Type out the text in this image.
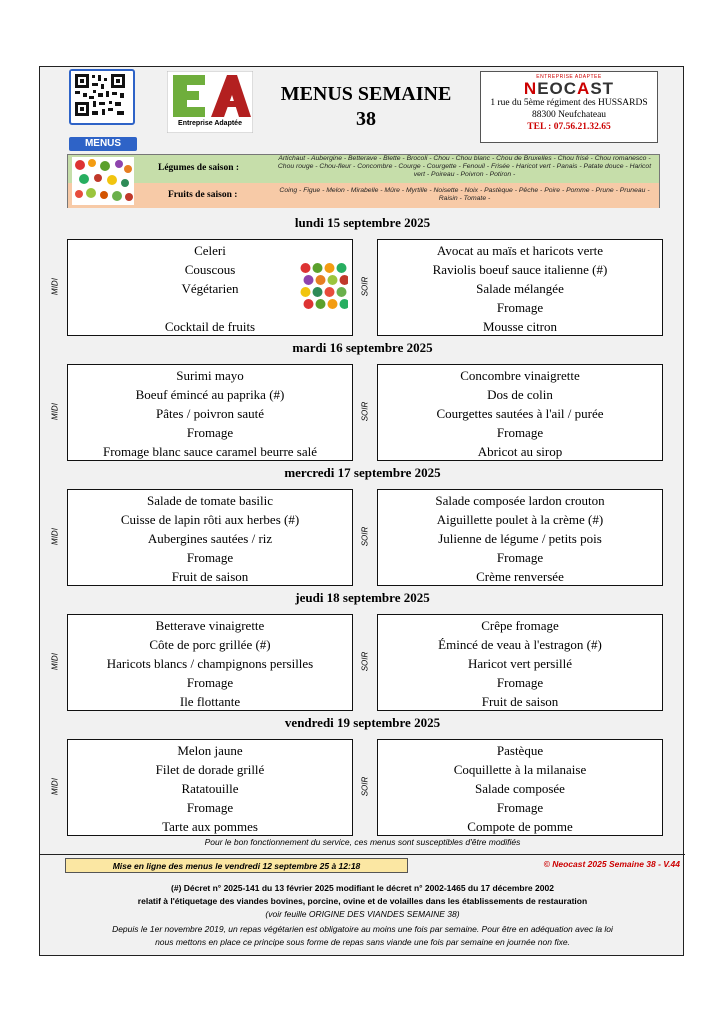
MENUS
Entreprise Adaptée
MENUS SEMAINE
38
ENTREPRISE ADAPTEE
NEOCAST
1 rue du 5ème régiment des HUSSARDS
88300 Neufchateau
TEL : 07.56.21.32.65
Légumes de saison :
Artichaut - Aubergine - Betterave - Blette - Brocoli - Chou - Chou blanc - Chou de Bruxelles - Chou frisé - Chou romanesco - Chou rouge - Chou-fleur - Concombre - Courge - Courgette - Fenouil - Frisée - Haricot vert - Panais - Patate douce - Haricot vert - Poireau - Poivron - Potiron -
Fruits de saison :	Coing - Figue - Melon - Mirabelle - Mûre - Myrtille - Noisette - Noix - Pastèque - Pêche - Poire - Pomme - Prune - Pruneau - Raisin - Tomate -
lundi 15 septembre 2025
Celeri
Couscous
Végétarien
Cocktail de fruits
MIDI
Avocat au maïs et haricots verte
Raviolis boeuf sauce italienne (#)
Salade mélangée
Fromage
Mousse citron
SOIR
mardi 16 septembre 2025
Surimi mayo
Boeuf émincé au paprika (#)
Pâtes / poivron sauté
Fromage
Fromage blanc sauce caramel beurre salé
MIDI
Concombre vinaigrette
Dos de colin
Courgettes sautées à l'ail / purée
Fromage
Abricot au sirop
SOIR
mercredi 17 septembre 2025
Salade de tomate basilic
Cuisse de lapin rôti aux herbes (#)
Aubergines sautées / riz
Fromage
Fruit de saison
MIDI
Salade composée lardon crouton
Aiguillette poulet à la crème (#)
Julienne de légume / petits pois
Fromage
Crème renversée
SOIR
jeudi 18 septembre 2025
Betterave vinaigrette
Côte de porc grillée (#)
Haricots blancs / champignons persilles
Fromage
Ile flottante
MIDI
Crêpe fromage
Émincé de veau à l'estragon (#)
Haricot vert persillé
Fromage
Fruit de saison
SOIR
vendredi 19 septembre 2025
Melon jaune
Filet de dorade grillé
Ratatouille
Fromage
Tarte aux pommes
MIDI
Pastèque
Coquillette à la milanaise
Salade composée
Fromage
Compote de pomme
SOIR
Pour le bon fonctionnement du service, ces menus sont susceptibles d'être modifiés
Mise en ligne des menus le vendredi 12 septembre 25 à 12:18	© Neocast 2025 Semaine 38 - V.44
(#) Décret n° 2025-141 du 13 février 2025 modifiant le décret n° 2002-1465 du 17 décembre 2002
relatif à l'étiquetage des viandes bovines, porcine, ovine et de volailles dans les établissements de restauration
(voir feuille ORIGINE DES VIANDES SEMAINE 38)
Depuis le 1er novembre 2019, un repas végétarien est obligatoire au moins une fois par semaine. Pour être en adéquation avec la loi
nous mettons en place ce principe sous forme de repas sans viande une fois par semaine en journée non fixe.
